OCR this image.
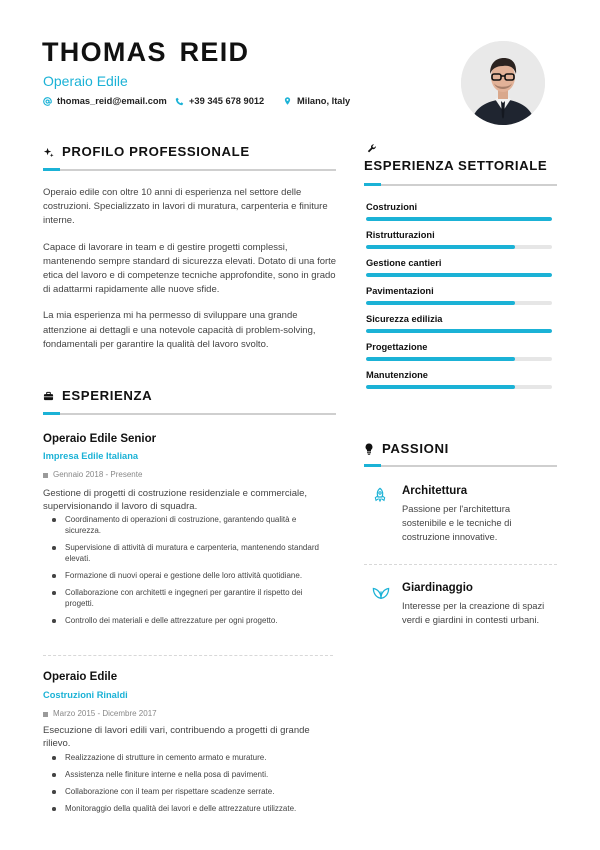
THOMAS REID
Operaio Edile
thomas_reid@email.com +39 345 678 9012	Milano, Italy
PROFILO PROFESSIONALE

Operaio edile con oltre 10 anni di esperienza nel settore delle costruzioni. Specializzato in lavori di muratura, carpenteria e finiture interne.

Capace di lavorare in team e di gestire progetti complessi, mantenendo sempre standard di sicurezza elevati. Dotato di una forte etica del lavoro e di competenze tecniche approfondite, sono in grado di adattarmi rapidamente alle nuove sfide.

La mia esperienza mi ha permesso di sviluppare una grande attenzione ai dettagli e una notevole capacità di problem-solving, fondamentali per garantire la qualità del lavoro svolto.

ESPERIENZA
Operaio Edile Senior
Impresa Edile Italiana
Gennaio 2018 - Presente
Gestione di progetti di costruzione residenziale e commerciale, supervisionando il lavoro di squadra.
Coordinamento di operazioni di costruzione, garantendo qualità e sicurezza.
Supervisione di attività di muratura e carpenteria, mantenendo standard elevati.
Formazione di nuovi operai e gestione delle loro attività quotidiane.
Collaborazione con architetti e ingegneri per garantire il rispetto dei progetti.
Controllo dei materiali e delle attrezzature per ogni progetto.
Operaio Edile
Costruzioni Rinaldi
Marzo 2015 - Dicembre 2017
Esecuzione di lavori edili vari, contribuendo a progetti di grande rilievo.
Realizzazione di strutture in cemento armato e murature.
Assistenza nelle finiture interne e nella posa di pavimenti.
Collaborazione con il team per rispettare scadenze serrate.
Monitoraggio della qualità dei lavori e delle attrezzature utilizzate.
ESPERIENZA SETTORIALE
Costruzioni
Ristrutturazioni
Gestione cantieri
Pavimentazioni
Sicurezza edilizia
Progettazione
Manutenzione
PASSIONI
Architettura
Passione per l'architettura sostenibile e le tecniche di costruzione innovative.
Giardinaggio
Interesse per la creazione di spazi verdi e giardini in contesti urbani.
